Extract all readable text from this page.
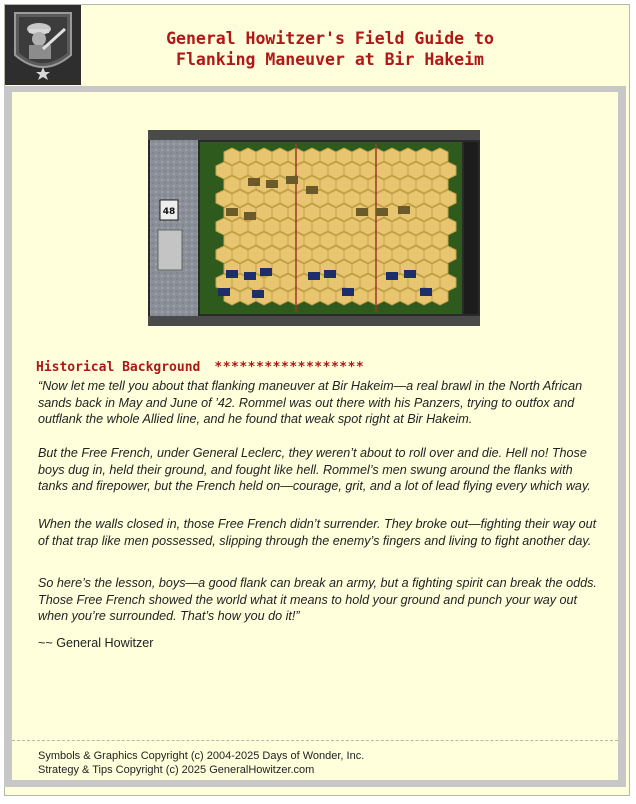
General Howitzer's Field Guide to
Flanking Maneuver at Bir Hakeim
48
Historical Background ******************
“Now let me tell you about that flanking maneuver at Bir Hakeim—a real brawl in the North African sands back in May and June of ’42. Rommel was out there with his Panzers, trying to outfox and outflank the whole Allied line, and he found that weak spot right at Bir Hakeim.
But the Free French, under General Leclerc, they weren’t about to roll over and die. Hell no! Those boys dug in, held their ground, and fought like hell. Rommel’s men swung around the flanks with tanks and firepower, but the French held on—courage, grit, and a lot of lead flying every which way.
When the walls closed in, those Free French didn’t surrender. They broke out—fighting their way out of that trap like men possessed, slipping through the enemy’s fingers and living to fight another day.
So here’s the lesson, boys—a good flank can break an army, but a fighting spirit can break the odds. Those Free French showed the world what it means to hold your ground and punch your way out when you’re surrounded. That’s how you do it!”
~~ General Howitzer
Symbols & Graphics Copyright (c) 2004-2025 Days of Wonder, Inc.
Strategy & Tips Copyright (c) 2025 GeneralHowitzer.com
